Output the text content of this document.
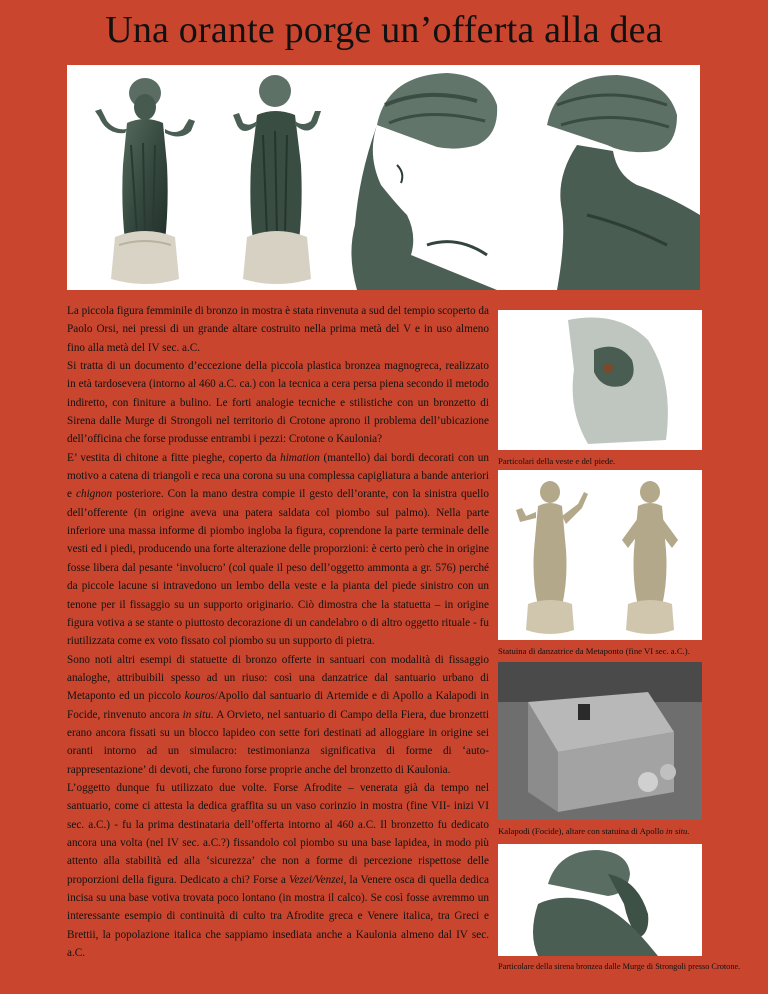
Una orante porge un’offerta alla dea

La piccola figura femminile di bronzo in mostra è stata rinvenuta a sud del tempio scoperto da Paolo Orsi, nei pressi di un grande altare costruito nella prima metà del V e in uso almeno fino alla metà del IV sec. a.C.

Si tratta di un documento d’eccezione della piccola plastica bronzea magnogreca, realizzato in età tardosevera (intorno al 460 a.C. ca.) con la tecnica a cera persa piena secondo il metodo indiretto, con finiture a bulino. Le forti analogie tecniche e stilistiche con un bronzetto di Sirena dalle Murge di Strongoli nel territorio di Crotone aprono il problema dell’ubicazione dell’officina che forse produsse entrambi i pezzi: Crotone o Kaulonia?

E’ vestita di chitone a fitte pieghe, coperto da himation (mantello) dai bordi decorati con un motivo a catena di triangoli e reca una corona su una complessa capigliatura a bande anteriori e chignon posteriore. Con la mano destra compie il gesto dell’orante, con la sinistra quello dell’offerente (in origine aveva una patera saldata col piombo sul palmo). Nella parte inferiore una massa informe di piombo ingloba la figura, coprendone la parte terminale delle vesti ed i piedi, producendo una forte alterazione delle proporzioni: è certo però che in origine fosse libera dal pesante ‘involucro’ (col quale il peso dell’oggetto ammonta a gr. 576) perché da piccole lacune si intravedono un lembo della veste e la pianta del piede sinistro con un tenone per il fissaggio su un supporto originario. Ciò dimostra che la statuetta – in origine figura votiva a se stante o piuttosto decorazione di un candelabro o di altro oggetto rituale - fu riutilizzata come ex voto fissato col piombo su un supporto di pietra.

Sono noti altri esempi di statuette di bronzo offerte in santuari con modalità di fissaggio analoghe, attribuibili spesso ad un riuso: così una danzatrice dal santuario urbano di Metaponto ed un piccolo kouros/Apollo dal santuario di Artemide e di Apollo a Kalapodi in Focide, rinvenuto ancora in situ. A Orvieto, nel santuario di Campo della Fiera, due bronzetti erano ancora fissati su un blocco lapideo con sette fori destinati ad alloggiare in origine sei oranti intorno ad un simulacro: testimonianza significativa di forme di ‘auto-rappresentazione’ di devoti, che furono forse proprie anche del bronzetto di Kaulonia.

L’oggetto dunque fu utilizzato due volte. Forse Afrodite – venerata già da tempo nel santuario, come ci attesta la dedica graffita su un vaso corinzio in mostra (fine VII- inizi VI sec. a.C.) - fu la prima destinataria dell’offerta intorno al 460 a.C. Il bronzetto fu dedicato ancora una volta (nel IV sec. a.C.?) fissandolo col piombo su una base lapidea, in modo più attento alla stabilità ed alla ‘sicurezza’ che non a forme di percezione rispettose delle proporzioni della figura. Dedicato a chi? Forse a Vezei/Venzei, la Venere osca di quella dedica incisa su una base votiva trovata poco lontano (in mostra il calco). Se così fosse avremmo un interessante esempio di continuità di culto tra Afrodite greca e Venere italica, tra Greci e Brettii, la popolazione italica che sappiamo insediata anche a Kaulonia almeno dal IV sec. a.C.

Particolari della veste e del piede.
Statuina di danzatrice da Metaponto (fine VI sec. a.C.).
Kalapodi (Focide), altare con statuina di Apollo in situ.
Particolare della sirena bronzea dalle Murge di Strongoli presso Crotone.
